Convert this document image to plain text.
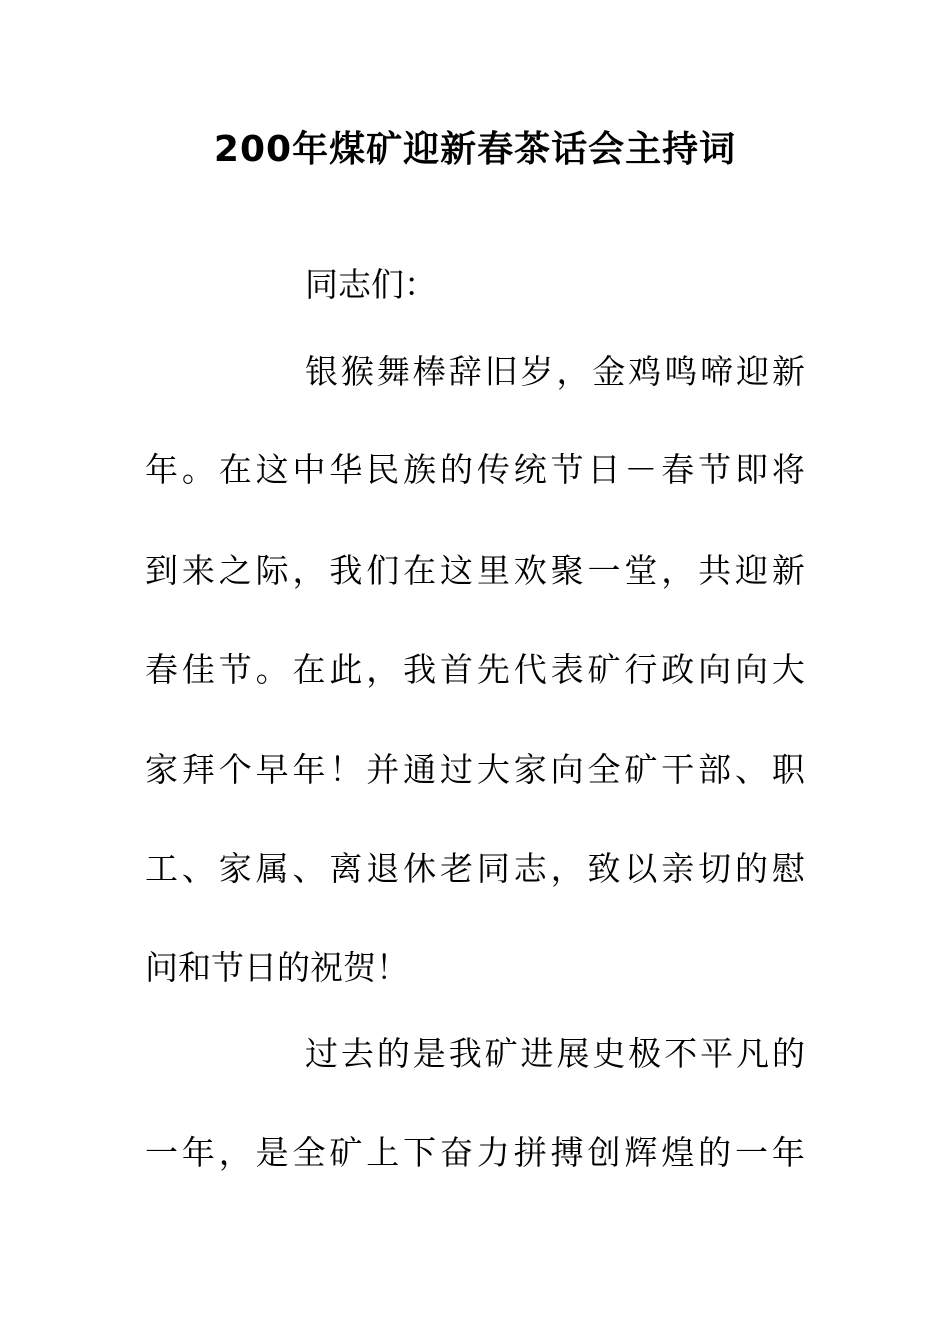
200年煤矿迎新春茶话会主持词
同志们：
银 猴 舞 棒 辞 旧 岁 ， 金 鸡 鸣 啼 迎 新
年 。 在 这 中 华 民 族 的 传 统 节 日 － 春 节 即 将
到 来 之 际 ， 我 们 在 这 里 欢 聚 一 堂 ， 共 迎 新
春 佳 节 。 在 此 ， 我 首 先 代 表 矿 行 政 向 向 大
家 拜 个 早 年 ！ 并 通 过 大 家 向 全 矿 干 部 、 职
工 、 家 属 、 离 退 休 老 同 志 ， 致 以 亲 切 的 慰
问 和 节 日 的 祝 贺 ！
过 去 的 是 我 矿 进 展 史 极 不 平 凡 的
一 年 ， 是 全 矿 上 下 奋 力 拼 搏 创 辉 煌 的 一 年
